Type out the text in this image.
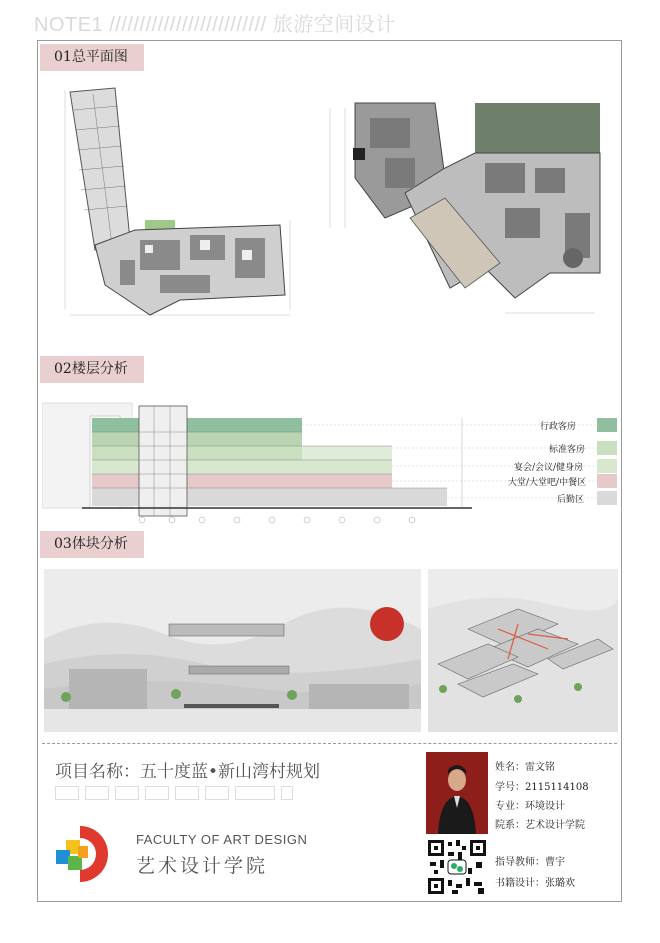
NOTE1 ////////////////////////// 旅游空间设计
01总平面图
02楼层分析
行政客房
标准客房
宴会/会议/健身房
大堂/大堂吧/中餐区
后勤区
03体块分析
项目名称：五十度蓝•新山湾村规划
FACULTY OF ART DESIGN
艺术设计学院
姓名：雷文铭
学号：2115114108
专业：环境设计
院系：艺术设计学院
指导教师：曹宇
书籍设计：张璐欢
